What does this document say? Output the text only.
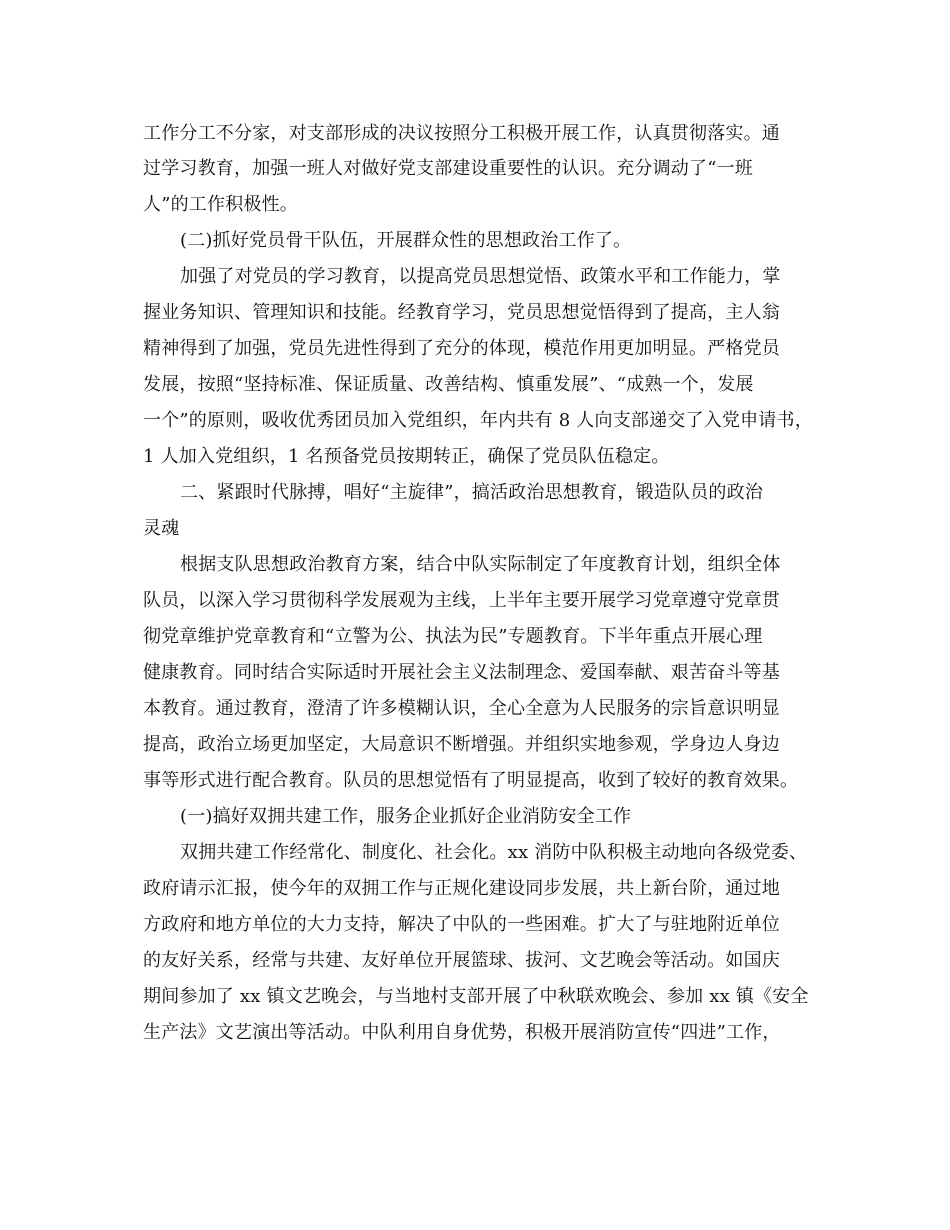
工作分工不分家，对支部形成的决议按照分工积极开展工作，认真贯彻落实。通
过学习教育，加强一班人对做好党支部建设重要性的认识。充分调动了“一班
人”的工作积极性。
(二)抓好党员骨干队伍，开展群众性的思想政治工作了。
加强了对党员的学习教育，以提高党员思想觉悟、政策水平和工作能力，掌
握业务知识、管理知识和技能。经教育学习，党员思想觉悟得到了提高，主人翁
精神得到了加强，党员先进性得到了充分的体现，模范作用更加明显。严格党员
发展，按照“坚持标准、保证质量、改善结构、慎重发展”、“成熟一个，发展
一个”的原则，吸收优秀团员加入党组织，年内共有 8 人向支部递交了入党申请书，
1 人加入党组织，1 名预备党员按期转正，确保了党员队伍稳定。
二、紧跟时代脉搏，唱好“主旋律”，搞活政治思想教育，锻造队员的政治
灵魂
根据支队思想政治教育方案，结合中队实际制定了年度教育计划，组织全体
队员，以深入学习贯彻科学发展观为主线，上半年主要开展学习党章遵守党章贯
彻党章维护党章教育和“立警为公、执法为民”专题教育。下半年重点开展心理
健康教育。同时结合实际适时开展社会主义法制理念、爱国奉献、艰苦奋斗等基
本教育。通过教育，澄清了许多模糊认识，全心全意为人民服务的宗旨意识明显
提高，政治立场更加坚定，大局意识不断增强。并组织实地参观，学身边人身边
事等形式进行配合教育。队员的思想觉悟有了明显提高，收到了较好的教育效果。
(一)搞好双拥共建工作，服务企业抓好企业消防安全工作
双拥共建工作经常化、制度化、社会化。xx 消防中队积极主动地向各级党委、
政府请示汇报，使今年的双拥工作与正规化建设同步发展，共上新台阶，通过地
方政府和地方单位的大力支持，解决了中队的一些困难。扩大了与驻地附近单位
的友好关系，经常与共建、友好单位开展篮球、拔河、文艺晚会等活动。如国庆
期间参加了 xx 镇文艺晚会，与当地村支部开展了中秋联欢晚会、参加 xx 镇《安全
生产法》文艺演出等活动。中队利用自身优势，积极开展消防宣传“四进”工作，
